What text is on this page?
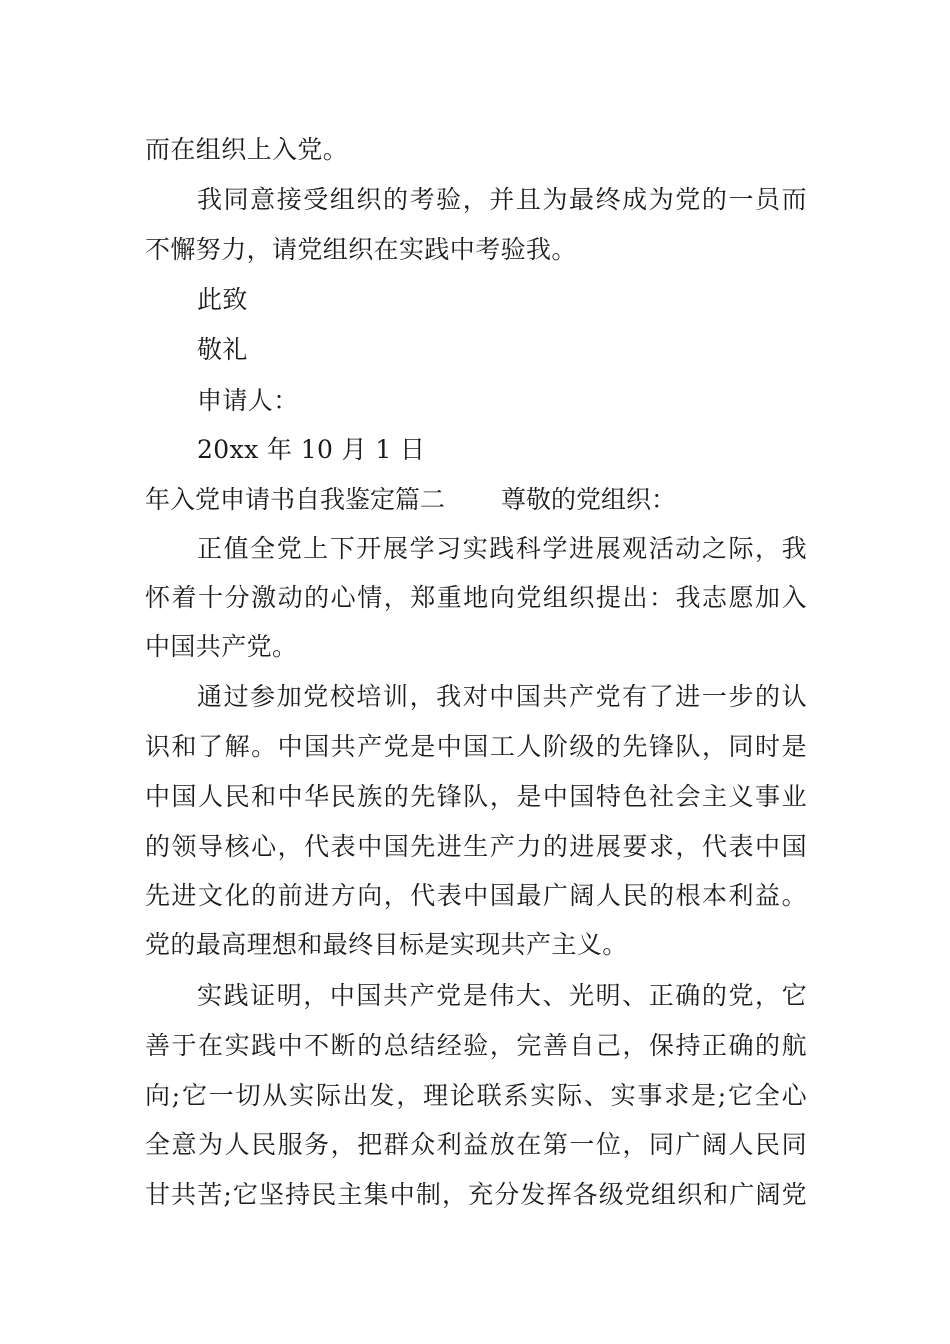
而在组织上入党。
我同意接受组织的考验，并且为最终成为党的一员而
不懈努力，请党组织在实践中考验我。
此致
敬礼
申请人：
20xx 年 10 月 1 日
年入党申请书自我鉴定篇二 尊敬的党组织：
正值全党上下开展学习实践科学进展观活动之际，我
怀着十分激动的心情，郑重地向党组织提出：我志愿加入
中国共产党。
通过参加党校培训，我对中国共产党有了进一步的认
识和了解。中国共产党是中国工人阶级的先锋队，同时是
中国人民和中华民族的先锋队，是中国特色社会主义事业
的领导核心，代表中国先进生产力的进展要求，代表中国
先进文化的前进方向，代表中国最广阔人民的根本利益。
党的最高理想和最终目标是实现共产主义。
实践证明，中国共产党是伟大、光明、正确的党，它
善于在实践中不断的总结经验，完善自己，保持正确的航
向;它一切从实际出发，理论联系实际、实事求是;它全心
全意为人民服务，把群众利益放在第一位，同广阔人民同
甘共苦;它坚持民主集中制，充分发挥各级党组织和广阔党
